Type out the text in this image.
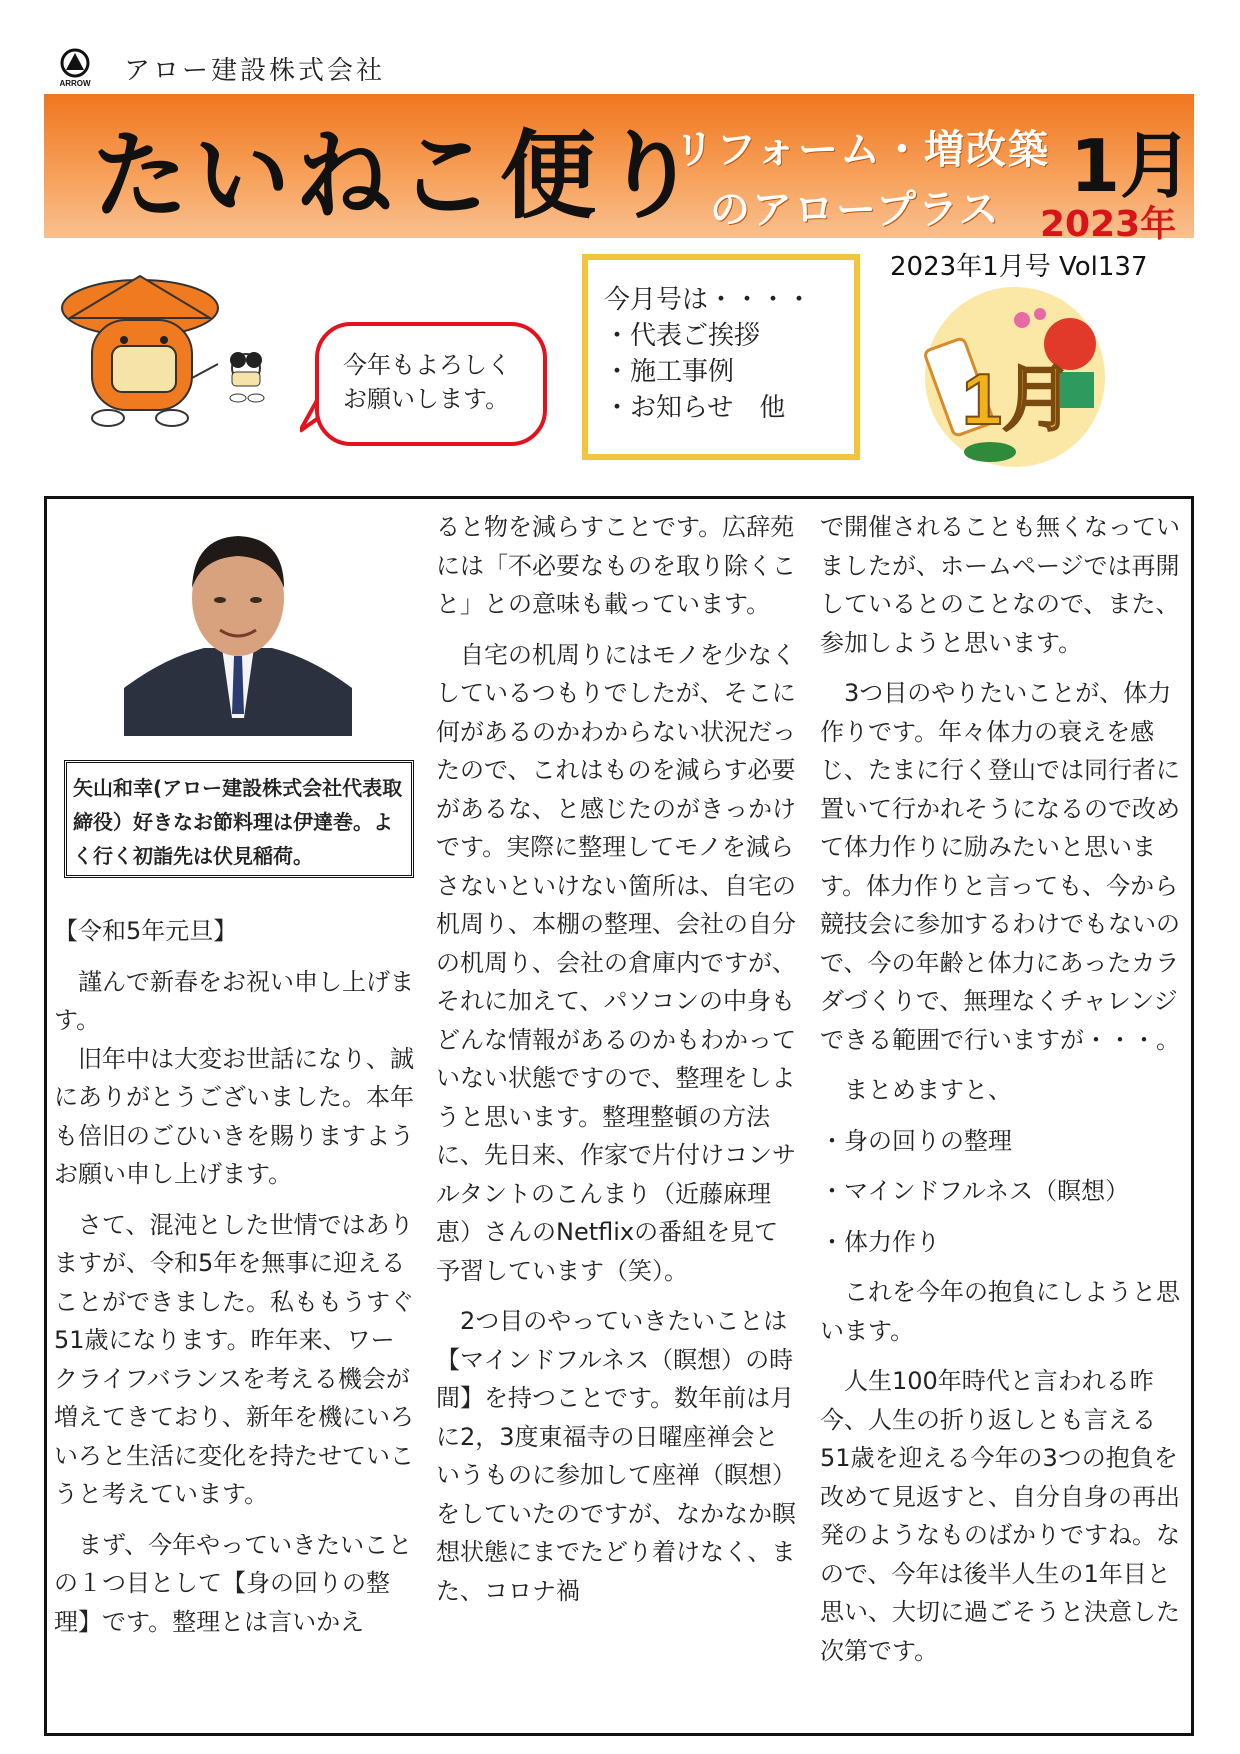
ARROW アロー建設株式会社
たいねこ便り
リフォーム・増改築
のアロープラス
1月
2023年
2023年1月号 Vol137
今年もよろしく
お願いします。
今月号は・・・・
・代表ご挨拶
・施工事例
・お知らせ　他	1月
矢山和幸(アロー建設株式会社代表取締役）好きなお節料理は伊達巻。よく行く初詣先は伏見稲荷。

【令和5年元旦】

謹んで新春をお祝い申し上げます。

旧年中は大変お世話になり、誠にありがとうございました。本年も倍旧のごひいきを賜りますようお願い申し上げます。

さて、混沌とした世情ではありますが、令和5年を無事に迎えることができました。私ももうすぐ51歳になります。昨年来、ワークライフバランスを考える機会が増えてきており、新年を機にいろいろと生活に変化を持たせていこうと考えています。

まず、今年やっていきたいことの１つ目として【身の回りの整理】です。整理とは言いかえ

ると物を減らすことです。広辞苑には「不必要なものを取り除くこと」との意味も載っています。

自宅の机周りにはモノを少なくしているつもりでしたが、そこに何があるのかわからない状況だったので、これはものを減らす必要があるな、と感じたのがきっかけです。実際に整理してモノを減らさないといけない箇所は、自宅の机周り、本棚の整理、会社の自分の机周り、会社の倉庫内ですが、それに加えて、パソコンの中身もどんな情報があるのかもわかっていない状態ですので、整理をしようと思います。整理整頓の方法に、先日来、作家で片付けコンサルタントのこんまり（近藤麻理恵）さんのNetflixの番組を見て予習しています（笑）。

2つ目のやっていきたいことは【マインドフルネス（瞑想）の時間】を持つことです。数年前は月に2，3度東福寺の日曜座禅会というものに参加して座禅（瞑想）をしていたのですが、なかなか瞑想状態にまでたどり着けなく、また、コロナ禍

で開催されることも無くなっていましたが、ホームページでは再開しているとのことなので、また、参加しようと思います。

3つ目のやりたいことが、体力作りです。年々体力の衰えを感じ、たまに行く登山では同行者に置いて行かれそうになるので改めて体力作りに励みたいと思います。体力作りと言っても、今から競技会に参加するわけでもないので、今の年齢と体力にあったカラダづくりで、無理なくチャレンジできる範囲で行いますが・・・。

まとめますと、

・身の回りの整理

・マインドフルネス（瞑想）

・体力作り

これを今年の抱負にしようと思います。

人生100年時代と言われる昨今、人生の折り返しとも言える51歳を迎える今年の3つの抱負を改めて見返すと、自分自身の再出発のようなものばかりですね。なので、今年は後半人生の1年目と思い、大切に過ごそうと決意した次第です。
